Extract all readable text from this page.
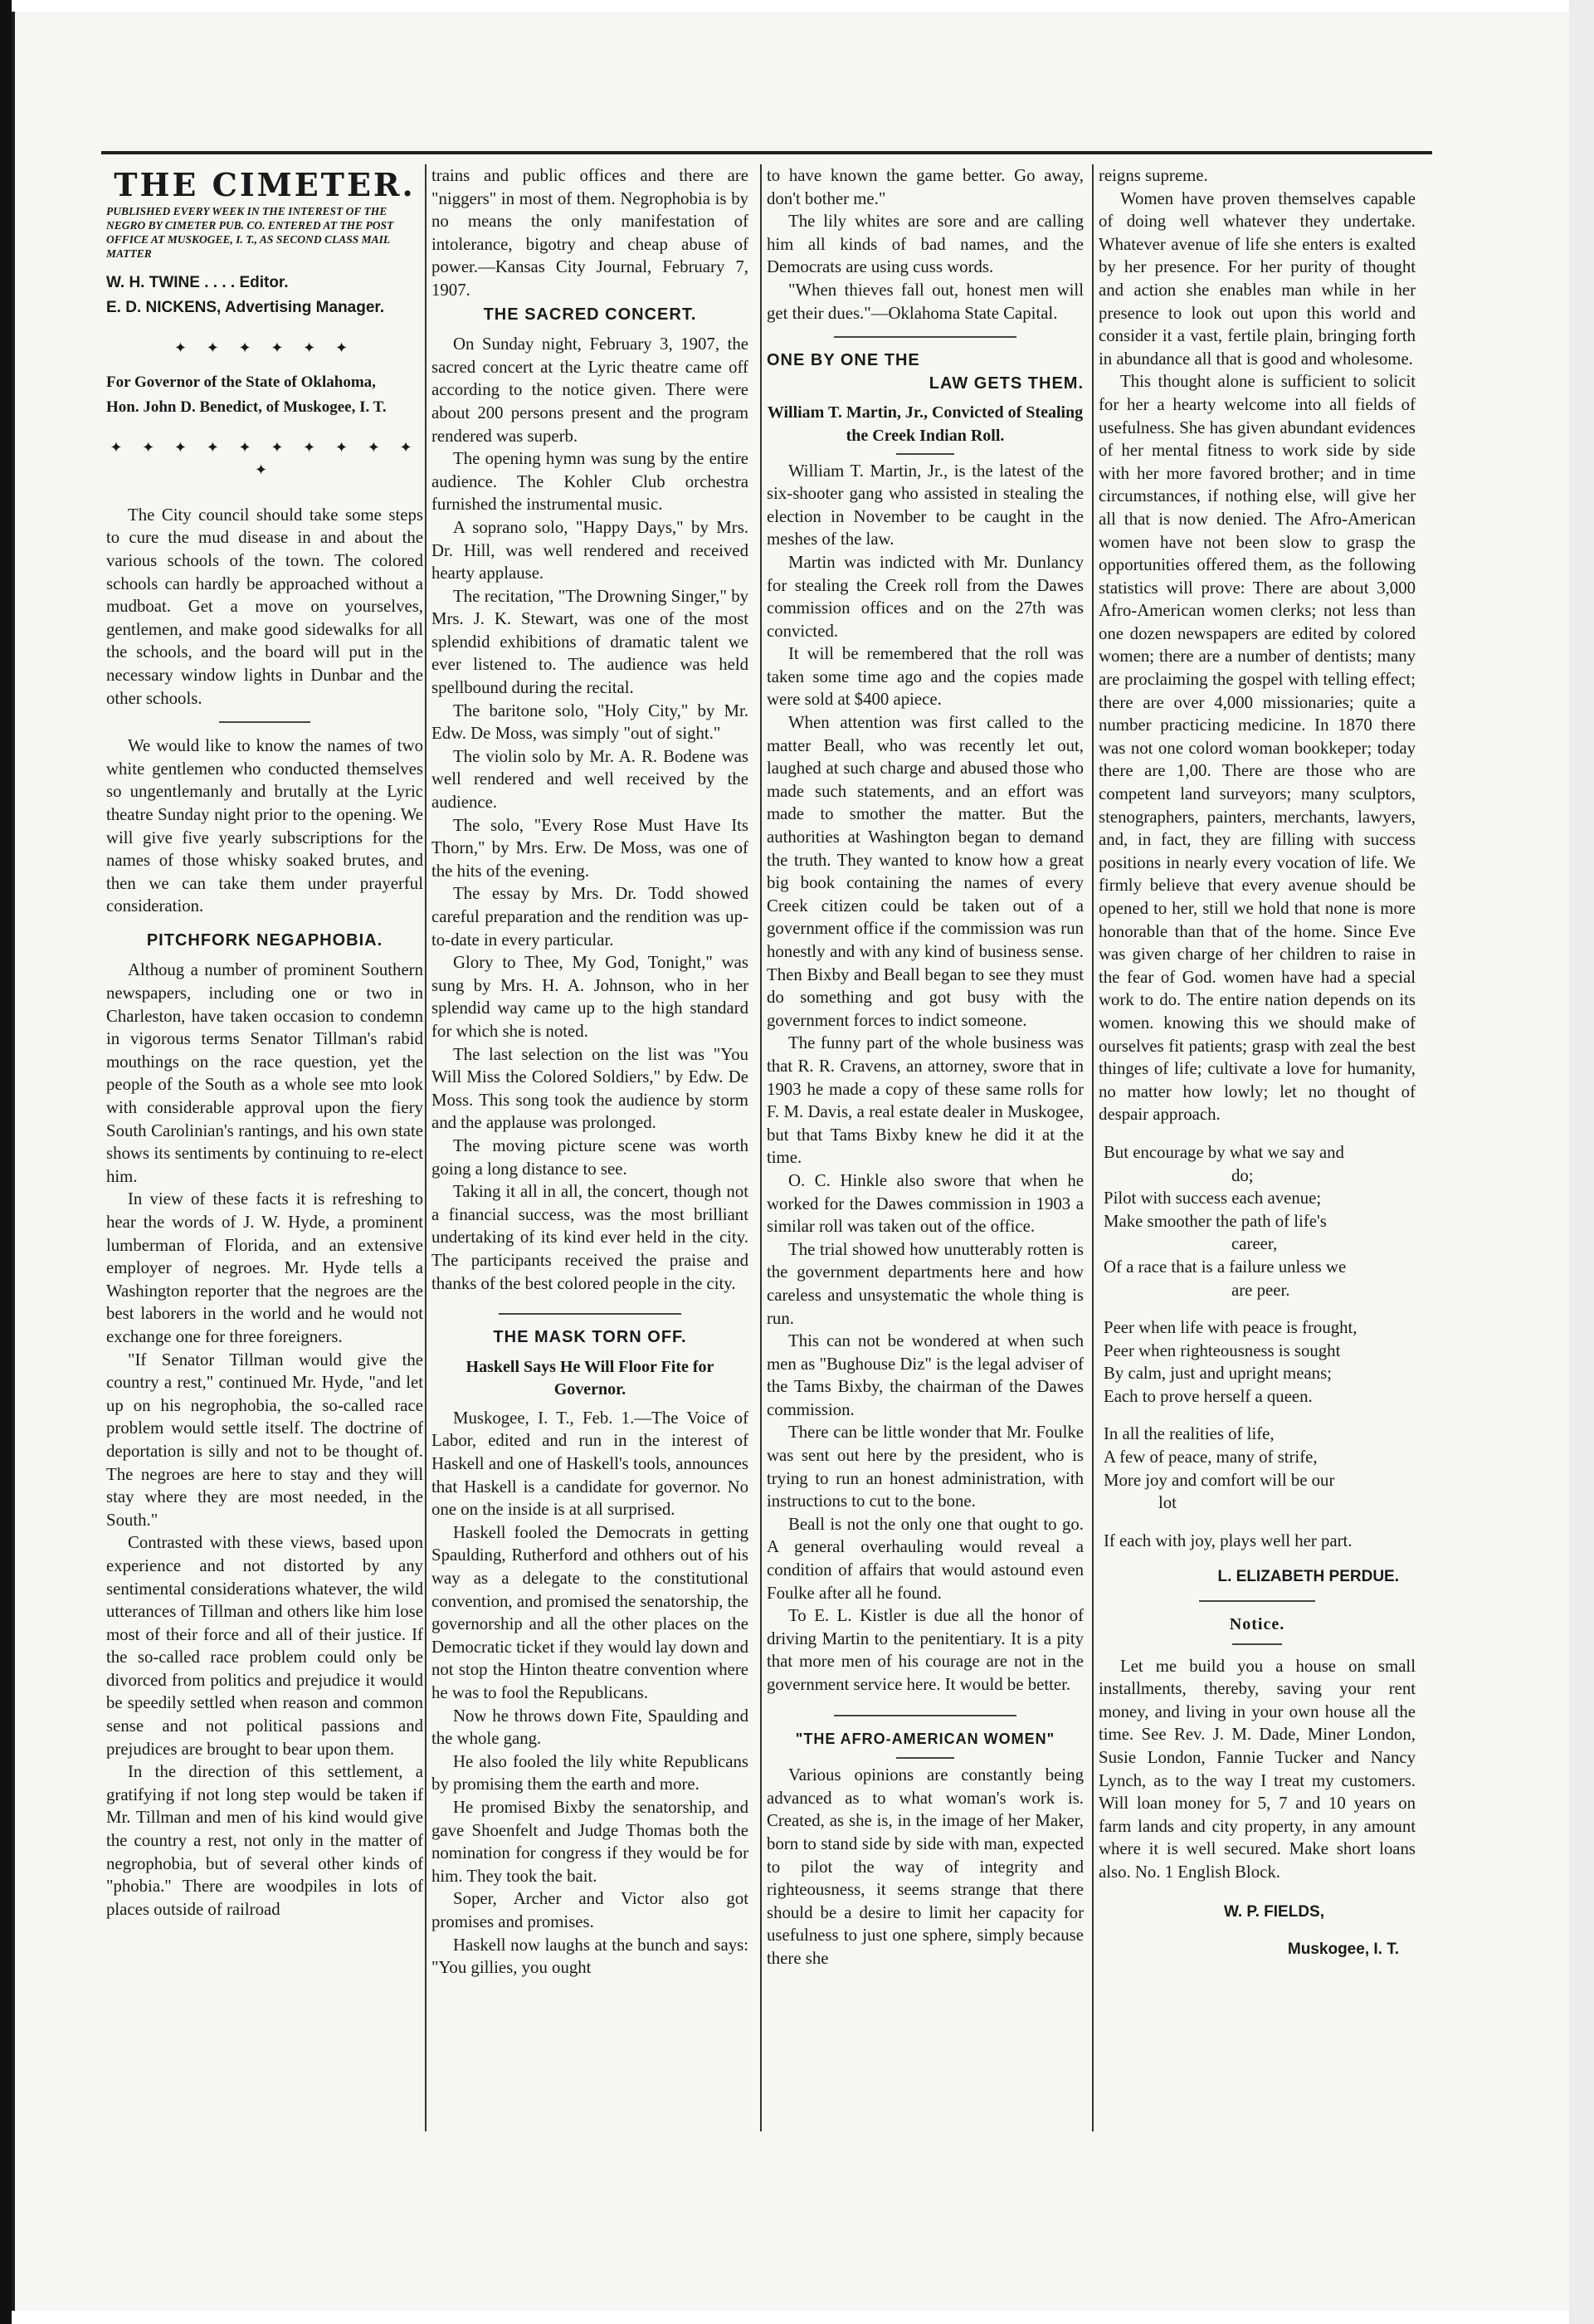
THE CIMETER.
PUBLISHED EVERY WEEK IN THE INTEREST OF THE NEGRO BY CIMETER PUB. CO. ENTERED AT THE POST OFFICE AT MUSKOGEE, I. T., AS SECOND CLASS MAIL MATTER
W. H. TWINE . . . . Editor.
E. D. NICKENS, Advertising Manager.
✦ ✦ ✦ ✦ ✦ ✦
For Governor of the State of Oklahoma,
Hon. John D. Benedict, of Muskogee, I. T.
✦ ✦ ✦ ✦ ✦ ✦ ✦ ✦ ✦ ✦ ✦

The City council should take some steps to cure the mud disease in and about the various schools of the town. The colored schools can hardly be approached without a mudboat. Get a move on yourselves, gentlemen, and make good sidewalks for all the schools, and the board will put in the necessary window lights in Dunbar and the other schools.

We would like to know the names of two white gentlemen who conducted themselves so ungentlemanly and brutally at the Lyric theatre Sunday night prior to the opening. We will give five yearly subscriptions for the names of those whisky soaked brutes, and then we can take them under prayerful consideration.

PITCHFORK NEGAPHOBIA.

Althoug a number of prominent Southern newspapers, including one or two in Charleston, have taken occasion to condemn in vigorous terms Senator Tillman's rabid mouthings on the race question, yet the people of the South as a whole see mto look with considerable approval upon the fiery South Carolinian's rantings, and his own state shows its sentiments by continuing to re-elect him.

In view of these facts it is refreshing to hear the words of J. W. Hyde, a prominent lumberman of Florida, and an extensive employer of negroes. Mr. Hyde tells a Washington reporter that the negroes are the best laborers in the world and he would not exchange one for three foreigners.

"If Senator Tillman would give the country a rest," continued Mr. Hyde, "and let up on his negrophobia, the so-called race problem would settle itself. The doctrine of deportation is silly and not to be thought of. The negroes are here to stay and they will stay where they are most needed, in the South."

Contrasted with these views, based upon experience and not distorted by any sentimental considerations whatever, the wild utterances of Tillman and others like him lose most of their force and all of their justice. If the so-called race problem could only be divorced from politics and prejudice it would be speedily settled when reason and common sense and not political passions and prejudices are brought to bear upon them.

In the direction of this settlement, a gratifying if not long step would be taken if Mr. Tillman and men of his kind would give the country a rest, not only in the matter of negrophobia, but of several other kinds of "phobia." There are woodpiles in lots of places outside of railroad

trains and public offices and there are "niggers" in most of them. Negrophobia is by no means the only manifestation of intolerance, bigotry and cheap abuse of power.—Kansas City Journal, February 7, 1907.

THE SACRED CONCERT.

On Sunday night, February 3, 1907, the sacred concert at the Lyric theatre came off according to the notice given. There were about 200 persons present and the program rendered was superb.

The opening hymn was sung by the entire audience. The Kohler Club orchestra furnished the instrumental music.

A soprano solo, "Happy Days," by Mrs. Dr. Hill, was well rendered and received hearty applause.

The recitation, "The Drowning Singer," by Mrs. J. K. Stewart, was one of the most splendid exhibitions of dramatic talent we ever listened to. The audience was held spellbound during the recital.

The baritone solo, "Holy City," by Mr. Edw. De Moss, was simply "out of sight."

The violin solo by Mr. A. R. Bodene was well rendered and well received by the audience.

The solo, "Every Rose Must Have Its Thorn," by Mrs. Erw. De Moss, was one of the hits of the evening.

The essay by Mrs. Dr. Todd showed careful preparation and the rendition was up-to-date in every particular.

Glory to Thee, My God, Tonight," was sung by Mrs. H. A. Johnson, who in her splendid way came up to the high standard for which she is noted.

The last selection on the list was "You Will Miss the Colored Soldiers," by Edw. De Moss. This song took the audience by storm and the applause was prolonged.

The moving picture scene was worth going a long distance to see.

Taking it all in all, the concert, though not a financial success, was the most brilliant undertaking of its kind ever held in the city. The participants received the praise and thanks of the best colored people in the city.

THE MASK TORN OFF.
Haskell Says He Will Floor Fite for Governor.

Muskogee, I. T., Feb. 1.—The Voice of Labor, edited and run in the interest of Haskell and one of Haskell's tools, announces that Haskell is a candidate for governor. No one on the inside is at all surprised.

Haskell fooled the Democrats in getting Spaulding, Rutherford and othhers out of his way as a delegate to the constitutional convention, and promised the senatorship, the governorship and all the other places on the Democratic ticket if they would lay down and not stop the Hinton theatre convention where he was to fool the Republicans.

Now he throws down Fite, Spaulding and the whole gang.

He also fooled the lily white Republicans by promising them the earth and more.

He promised Bixby the senatorship, and gave Shoenfelt and Judge Thomas both the nomination for congress if they would be for him. They took the bait.

Soper, Archer and Victor also got promises and promises.

Haskell now laughs at the bunch and says: "You gillies, you ought

to have known the game better. Go away, don't bother me."

The lily whites are sore and are calling him all kinds of bad names, and the Democrats are using cuss words.

"When thieves fall out, honest men will get their dues."—Oklahoma State Capital.

ONE BY ONE THE
LAW GETS THEM.
William T. Martin, Jr., Convicted of Stealing the Creek Indian Roll.

William T. Martin, Jr., is the latest of the six-shooter gang who assisted in stealing the election in November to be caught in the meshes of the law.

Martin was indicted with Mr. Dunlancy for stealing the Creek roll from the Dawes commission offices and on the 27th was convicted.

It will be remembered that the roll was taken some time ago and the copies made were sold at $400 apiece.

When attention was first called to the matter Beall, who was recently let out, laughed at such charge and abused those who made such statements, and an effort was made to smother the matter. But the authorities at Washington began to demand the truth. They wanted to know how a great big book containing the names of every Creek citizen could be taken out of a government office if the commission was run honestly and with any kind of business sense. Then Bixby and Beall began to see they must do something and got busy with the government forces to indict someone.

The funny part of the whole business was that R. R. Cravens, an attorney, swore that in 1903 he made a copy of these same rolls for F. M. Davis, a real estate dealer in Muskogee, but that Tams Bixby knew he did it at the time.

O. C. Hinkle also swore that when he worked for the Dawes commission in 1903 a similar roll was taken out of the office.

The trial showed how unutterably rotten is the government departments here and how careless and unsystematic the whole thing is run.

This can not be wondered at when such men as "Bughouse Diz" is the legal adviser of the Tams Bixby, the chairman of the Dawes commission.

There can be little wonder that Mr. Foulke was sent out here by the president, who is trying to run an honest administration, with instructions to cut to the bone.

Beall is not the only one that ought to go. A general overhauling would reveal a condition of affairs that would astound even Foulke after all he found.

To E. L. Kistler is due all the honor of driving Martin to the penitentiary. It is a pity that more men of his courage are not in the government service here. It would be better.

"THE AFRO-AMERICAN WOMEN"

Various opinions are constantly being advanced as to what woman's work is. Created, as she is, in the image of her Maker, born to stand side by side with man, expected to pilot the way of integrity and righteousness, it seems strange that there should be a desire to limit her capacity for usefulness to just one sphere, simply because there she

reigns supreme.

Women have proven themselves capable of doing well whatever they undertake. Whatever avenue of life she enters is exalted by her presence. For her purity of thought and action she enables man while in her presence to look out upon this world and consider it a vast, fertile plain, bringing forth in abundance all that is good and wholesome.

This thought alone is sufficient to solicit for her a hearty welcome into all fields of usefulness. She has given abundant evidences of her mental fitness to work side by side with her more favored brother; and in time circumstances, if nothing else, will give her all that is now denied. The Afro-American women have not been slow to grasp the opportunities offered them, as the following statistics will prove: There are about 3,000 Afro-American women clerks; not less than one dozen newspapers are edited by colored women; there are a number of dentists; many are proclaiming the gospel with telling effect; there are over 4,000 missionaries; quite a number practicing medicine. In 1870 there was not one colord woman bookkeper; today there are 1,00. There are those who are competent land surveyors; many sculptors, stenographers, painters, merchants, lawyers, and, in fact, they are filling with success positions in nearly every vocation of life. We firmly believe that every avenue should be opened to her, still we hold that none is more honorable than that of the home. Since Eve was given charge of her children to raise in the fear of God. women have had a special work to do. The entire nation depends on its women. knowing this we should make of ourselves fit patients; grasp with zeal the best thinges of life; cultivate a love for humanity, no matter how lowly; let no thought of despair approach.

But encourage by what we say and
do;
Pilot with success each avenue;
Make smoother the path of life's
career,
Of a race that is a failure unless we
are peer.
Peer when life with peace is frought,
Peer when righteousness is sought
By calm, just and upright means;
Each to prove herself a queen.
In all the realities of life,
A few of peace, many of strife,
More joy and comfort will be our
lot
If each with joy, plays well her part.
L. ELIZABETH PERDUE.
Notice.

Let me build you a house on small installments, thereby, saving your rent money, and living in your own house all the time. See Rev. J. M. Dade, Miner London, Susie London, Fannie Tucker and Nancy Lynch, as to the way I treat my customers. Will loan money for 5, 7 and 10 years on farm lands and city property, in any amount where it is well secured. Make short loans also. No. 1 English Block.

W. P. FIELDS,
Muskogee, I. T.
